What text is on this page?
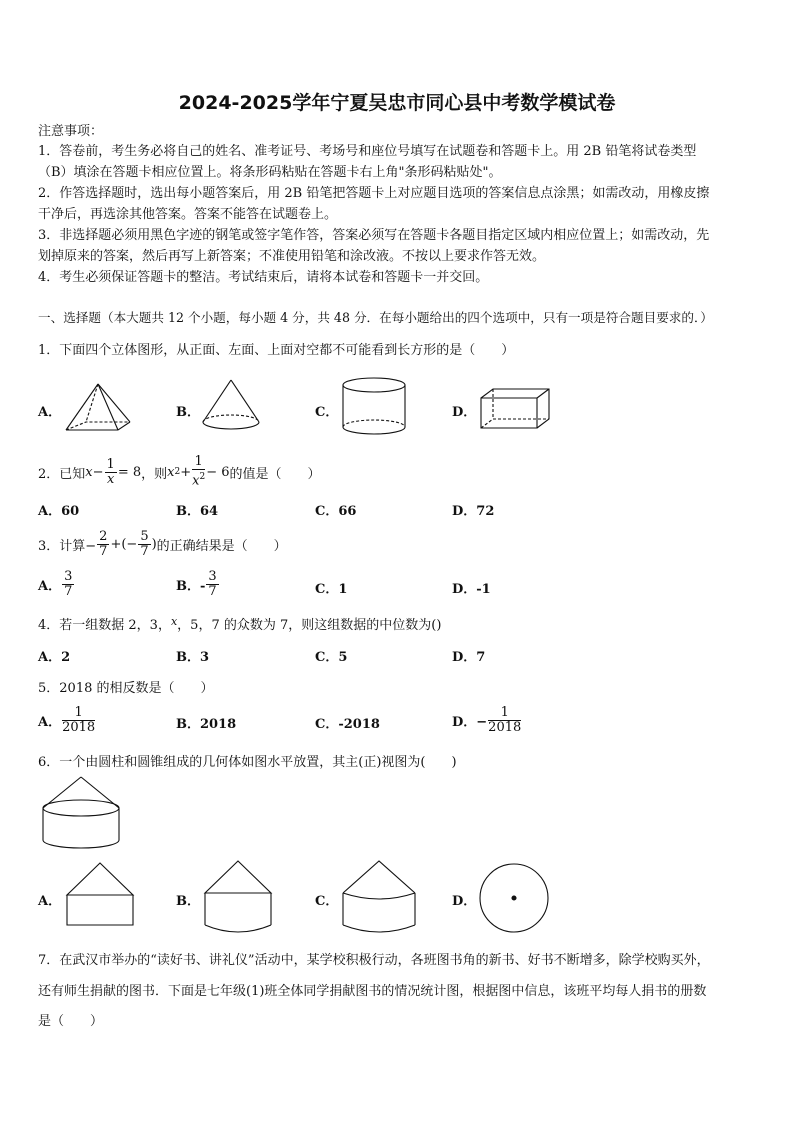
2024-2025学年宁夏吴忠市同心县中考数学模试卷
注意事项：
1．答卷前，考生务必将自己的姓名、准考证号、考场号和座位号填写在试题卷和答题卡上。用 2B 铅笔将试卷类型
（B）填涂在答题卡相应位置上。将条形码粘贴在答题卡右上角"条形码粘贴处"。
2．作答选择题时，选出每小题答案后，用 2B 铅笔把答题卡上对应题目选项的答案信息点涂黑；如需改动，用橡皮擦
干净后，再选涂其他答案。答案不能答在试题卷上。
3．非选择题必须用黑色字迹的钢笔或签字笔作答，答案必须写在答题卡各题目指定区域内相应位置上；如需改动，先
划掉原来的答案，然后再写上新答案；不准使用铅笔和涂改液。不按以上要求作答无效。
4．考生必须保证答题卡的整洁。考试结束后，请将本试卷和答题卡一并交回。
一、选择题（本大题共 12 个小题，每小题 4 分，共 48 分．在每小题给出的四个选项中，只有一项是符合题目要求的．）
1．下面四个立体图形，从正面、左面、上面对空都不可能看到长方形的是（　　）
A．	B．	C．	D．
2．已知 $x - \frac{1}{x} = 8$ ，则 x $2 + \frac{1}{x^2} - 6$ 的值是（　　）
A．60	B．64	C．66	D．72
3．计算− $\frac{2}{7}$ +(− $\frac{5}{7}$ ) 的正确结果是（　　）
A． $\frac{3}{7}$	B．- $\frac{3}{7}$	C．1	D．-1
4．若一组数据 2，3，$^x$，5，7 的众数为 7，则这组数据的中位数为()
A．2	B．3	C．5	D．7
5．2018 的相反数是（　　）
A． $\frac{1}{2018}$	B．2018	C．-2018	D．− $\frac{1}{2018}$
6．一个由圆柱和圆锥组成的几何体如图水平放置，其主(正)视图为(　　)
A．	B．	C．	D．
7．在武汉市举办的“读好书、讲礼仪”活动中，某学校积极行动，各班图书角的新书、好书不断增多，除学校购买外，
还有师生捐献的图书．下面是七年级(1)班全体同学捐献图书的情况统计图，根据图中信息，该班平均每人捐书的册数
是（　　）
